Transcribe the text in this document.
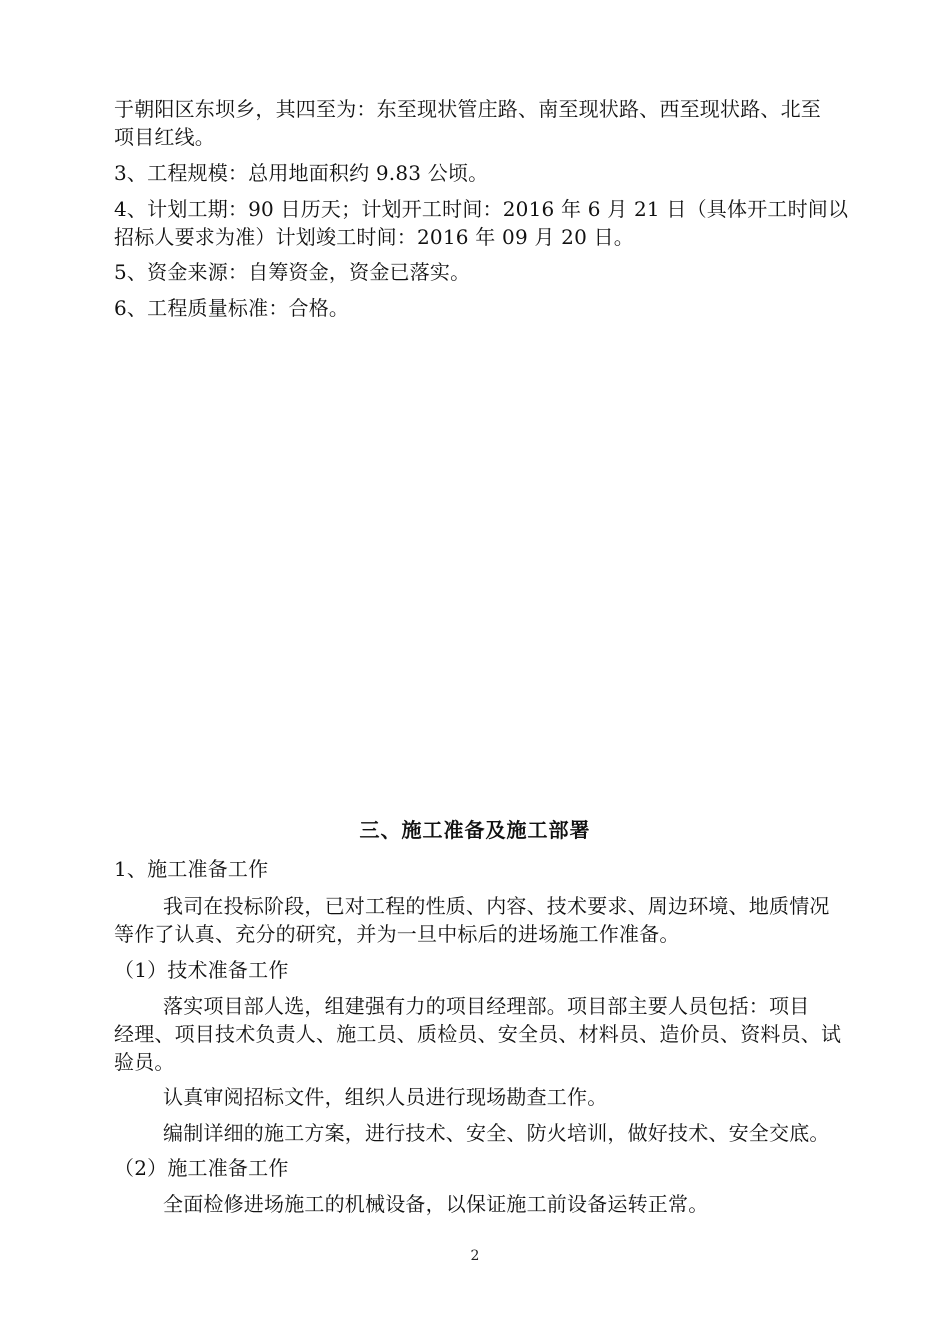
于朝阳区东坝乡，其四至为：东至现状管庄路、南至现状路、西至现状路、北至
项目红线。
3、工程规模：总用地面积约 9.83 公顷。
4、计划工期：90 日历天；计划开工时间：2016 年 6 月 21 日（具体开工时间以
招标人要求为准）计划竣工时间：2016 年 09 月 20 日。
5、资金来源：自筹资金，资金已落实。
6、工程质量标准：合格。
三、施工准备及施工部署
1、施工准备工作
我司在投标阶段，已对工程的性质、内容、技术要求、周边环境、地质情况
等作了认真、充分的研究，并为一旦中标后的进场施工作准备。
（1）技术准备工作
落实项目部人选，组建强有力的项目经理部。项目部主要人员包括：项目
经理、项目技术负责人、施工员、质检员、安全员、材料员、造价员、资料员、试
验员。
认真审阅招标文件，组织人员进行现场勘查工作。
编制详细的施工方案，进行技术、安全、防火培训，做好技术、安全交底。
（2）施工准备工作
全面检修进场施工的机械设备，以保证施工前设备运转正常。
2
